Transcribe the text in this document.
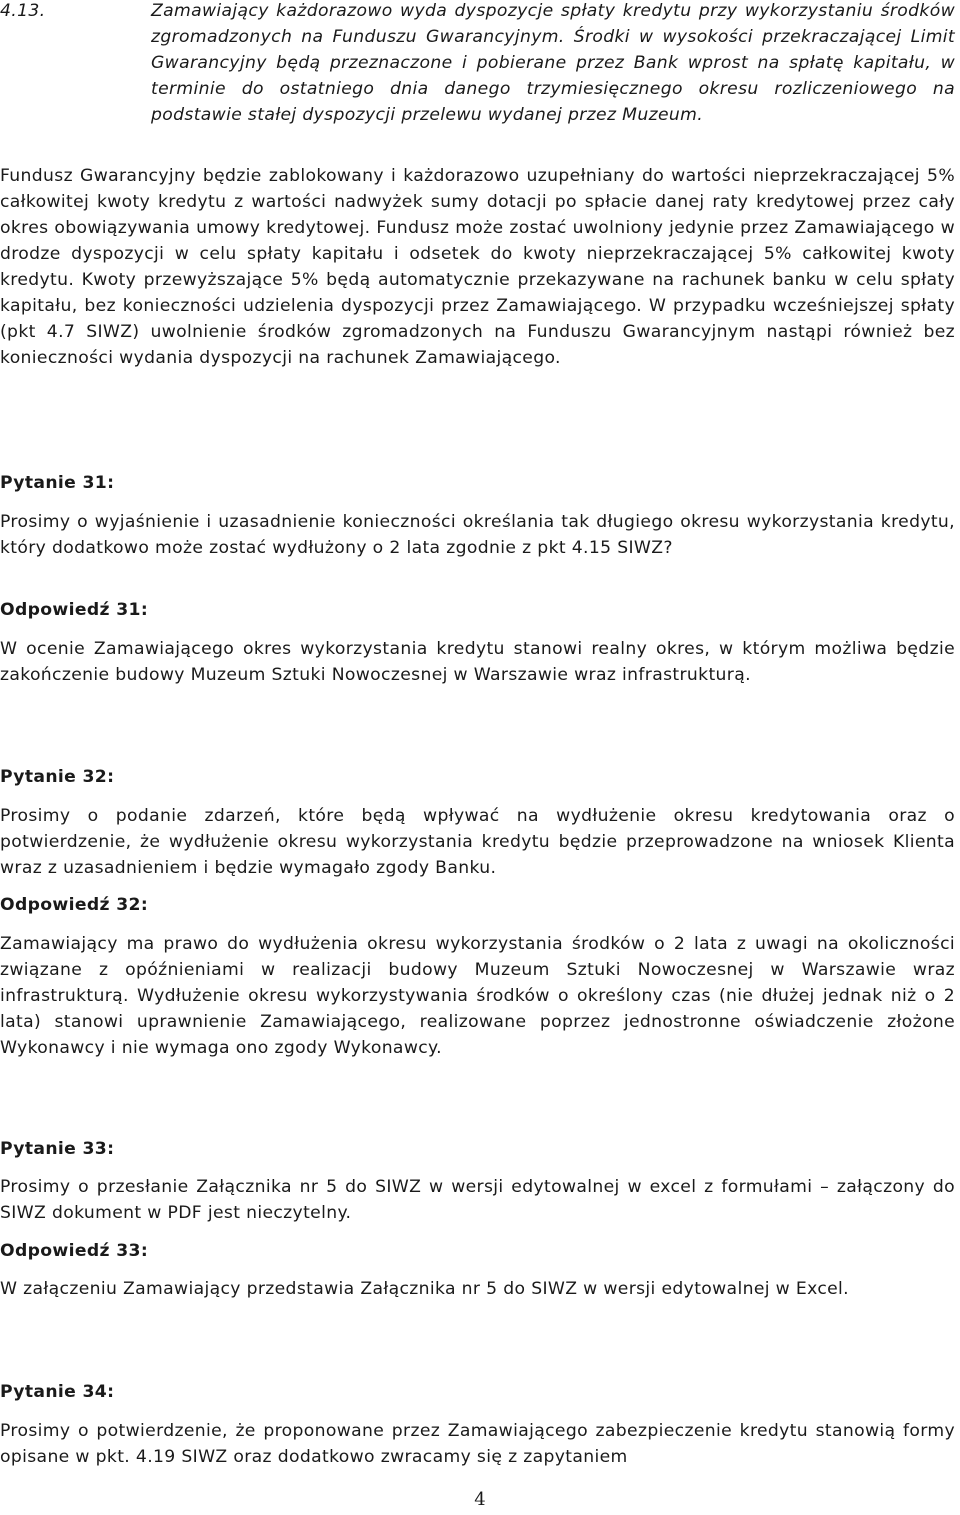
4.13.	Zamawiający każdorazowo wyda dyspozycje spłaty kredytu przy wykorzystaniu środków zgromadzonych na Funduszu Gwarancyjnym. Środki w wysokości przekraczającej Limit Gwarancyjny będą przeznaczone i pobierane przez Bank wprost na spłatę kapitału, w terminie do ostatniego dnia danego trzymiesięcznego okresu rozliczeniowego na podstawie stałej dyspozycji przelewu wydanej przez Muzeum.

Fundusz Gwarancyjny będzie zablokowany i każdorazowo uzupełniany do wartości nieprzekraczającej 5% całkowitej kwoty kredytu z wartości nadwyżek sumy dotacji po spłacie danej raty kredytowej przez cały okres obowiązywania umowy kredytowej. Fundusz może zostać uwolniony jedynie przez Zamawiającego w drodze dyspozycji w celu spłaty kapitału i odsetek do kwoty nieprzekraczającej 5% całkowitej kwoty kredytu. Kwoty przewyższające 5% będą automatycznie przekazywane na rachunek banku w celu spłaty kapitału, bez konieczności udzielenia dyspozycji przez Zamawiającego. W przypadku wcześniejszej spłaty (pkt 4.7 SIWZ) uwolnienie środków zgromadzonych na Funduszu Gwarancyjnym nastąpi również bez konieczności wydania dyspozycji na rachunek Zamawiającego.

Pytanie 31:

Prosimy o wyjaśnienie i uzasadnienie konieczności określania tak długiego okresu wykorzystania kredytu, który dodatkowo może zostać wydłużony o 2 lata zgodnie z pkt 4.15 SIWZ?

Odpowiedź 31:

W ocenie Zamawiającego okres wykorzystania kredytu stanowi realny okres, w którym możliwa będzie zakończenie budowy Muzeum Sztuki Nowoczesnej w Warszawie wraz infrastrukturą.

Pytanie 32:

Prosimy o podanie zdarzeń, które będą wpływać na wydłużenie okresu kredytowania oraz o potwierdzenie, że wydłużenie okresu wykorzystania kredytu będzie przeprowadzone na wniosek Klienta wraz z uzasadnieniem i będzie wymagało zgody Banku.

Odpowiedź 32:

Zamawiający ma prawo do wydłużenia okresu wykorzystania środków o 2 lata z uwagi na okoliczności związane z opóźnieniami w realizacji budowy Muzeum Sztuki Nowoczesnej w Warszawie wraz infrastrukturą. Wydłużenie okresu wykorzystywania środków o określony czas (nie dłużej jednak niż o 2 lata) stanowi uprawnienie Zamawiającego, realizowane poprzez jednostronne oświadczenie złożone Wykonawcy i nie wymaga ono zgody Wykonawcy.

Pytanie 33:

Prosimy o przesłanie Załącznika nr 5 do SIWZ w wersji edytowalnej w excel z formułami – załączony do SIWZ dokument w PDF jest nieczytelny.

Odpowiedź 33:

W załączeniu Zamawiający przedstawia Załącznika nr 5 do SIWZ w wersji edytowalnej w Excel.

Pytanie 34:

Prosimy o potwierdzenie, że proponowane przez Zamawiającego zabezpieczenie kredytu stanowią formy opisane w pkt. 4.19 SIWZ oraz dodatkowo zwracamy się z zapytaniem

4
